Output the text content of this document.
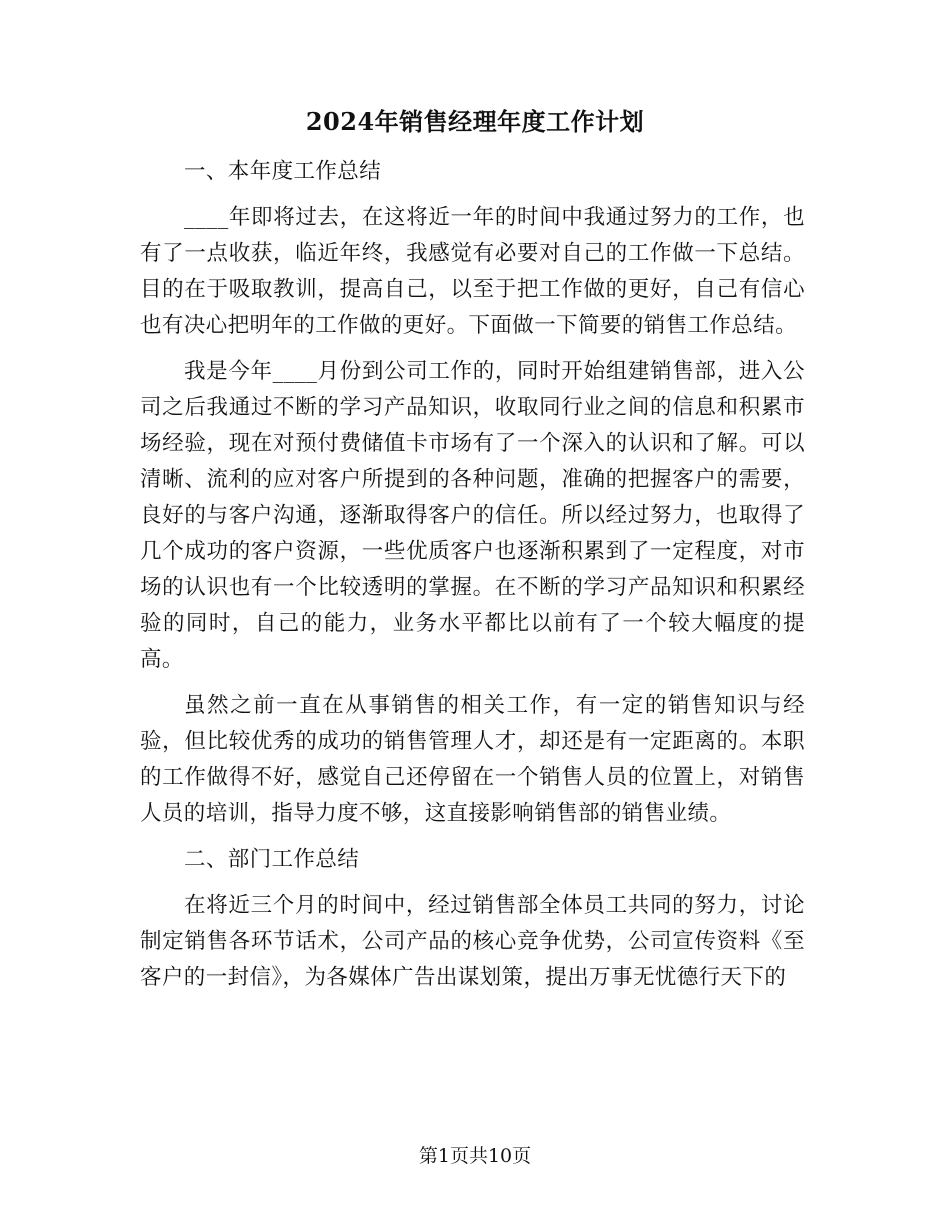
2024年销售经理年度工作计划

一、本年度工作总结

____年即将过去，在这将近一年的时间中我通过努力的工作，也有了一点收获，临近年终，我感觉有必要对自己的工作做一下总结。目的在于吸取教训，提高自己，以至于把工作做的更好，自己有信心也有决心把明年的工作做的更好。下面做一下简要的销售工作总结。

我是今年____月份到公司工作的，同时开始组建销售部，进入公司之后我通过不断的学习产品知识，收取同行业之间的信息和积累市场经验，现在对预付费储值卡市场有了一个深入的认识和了解。可以清晰、流利的应对客户所提到的各种问题，准确的把握客户的需要，良好的与客户沟通，逐渐取得客户的信任。所以经过努力，也取得了几个成功的客户资源，一些优质客户也逐渐积累到了一定程度，对市场的认识也有一个比较透明的掌握。在不断的学习产品知识和积累经验的同时，自己的能力，业务水平都比以前有了一个较大幅度的提高。

虽然之前一直在从事销售的相关工作，有一定的销售知识与经验，但比较优秀的成功的销售管理人才，却还是有一定距离的。本职的工作做得不好，感觉自己还停留在一个销售人员的位置上，对销售人员的培训，指导力度不够，这直接影响销售部的销售业绩。

二、部门工作总结

在将近三个月的时间中，经过销售部全体员工共同的努力，讨论制定销售各环节话术，公司产品的核心竞争优势，公司宣传资料《至客户的一封信》，为各媒体广告出谋划策，提出万事无忧德行天下的

第1页共10页
